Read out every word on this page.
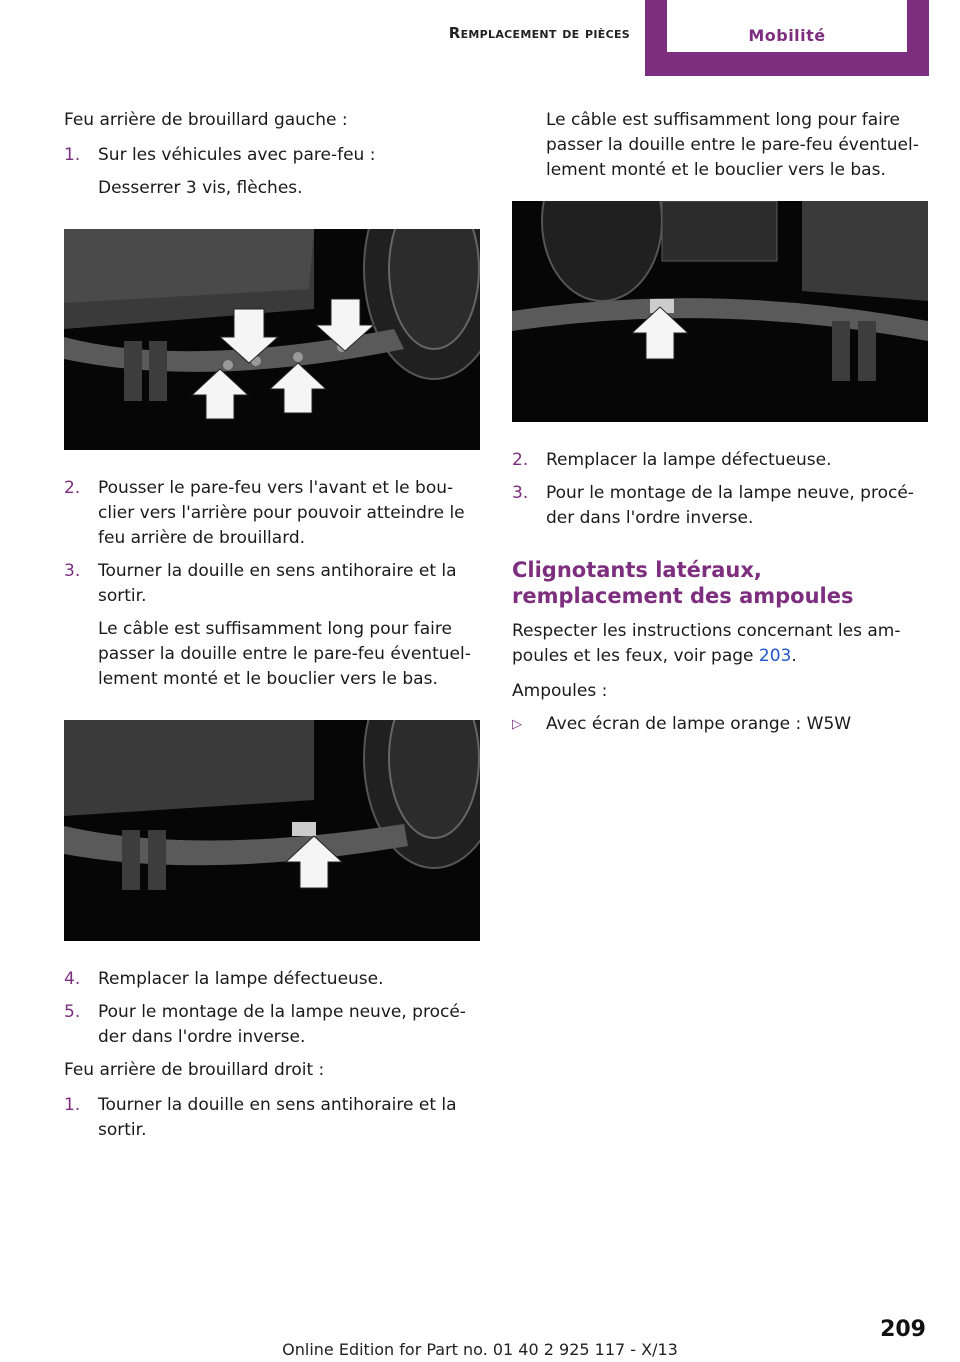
Remplacement de pièces	Mobilité

Feu arrière de brouillard gauche :

1. Sur les véhicules avec pare-feu :

Desserrer 3 vis, flèches.

2. Pousser le pare-feu vers l'avant et le bouclier vers l'arrière pour pouvoir atteindre le feu arrière de brouillard.
3. Tourner la douille en sens antihoraire et la sortir.

Le câble est suffisamment long pour faire passer la douille entre le pare-feu éventuellement monté et le bouclier vers le bas.

4. Remplacer la lampe défectueuse.
5. Pour le montage de la lampe neuve, procéder dans l'ordre inverse.

Feu arrière de brouillard droit :

1. Tourner la douille en sens antihoraire et la sortir.

Le câble est suffisamment long pour faire passer la douille entre le pare-feu éventuellement monté et le bouclier vers le bas.

2. Remplacer la lampe défectueuse.
3. Pour le montage de la lampe neuve, procéder dans l'ordre inverse.
Clignotants latéraux, remplacement des ampoules

Respecter les instructions concernant les ampoules et les feux, voir page 203.

Ampoules :

▷ Avec écran de lampe orange : W5W
209
Online Edition for Part no. 01 40 2 925 117 - X/13
